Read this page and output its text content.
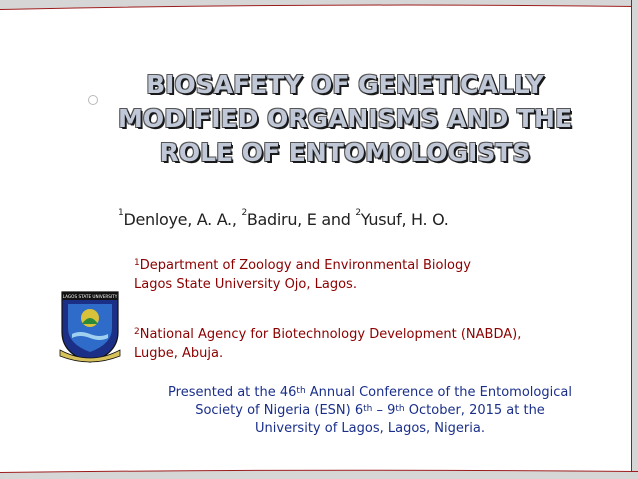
BIOSAFETY OF GENETICALLY
MODIFIED ORGANISMS AND THE
ROLE OF ENTOMOLOGISTS
$^1$Denloye, A. A., $^2$Badiru, E and $^2$Yusuf, H. O.
$^1$Department of Zoology and Environmental Biology
Lagos State University Ojo, Lagos.
LAGOS STATE UNIVERSITY
$^2$National Agency for Biotechnology Development (NABDA),
Lugbe, Abuja.
Presented at the 46th Annual Conference of the Entomological
Society of Nigeria (ESN) 6th – 9th October, 2015 at the
University of Lagos, Lagos, Nigeria.
